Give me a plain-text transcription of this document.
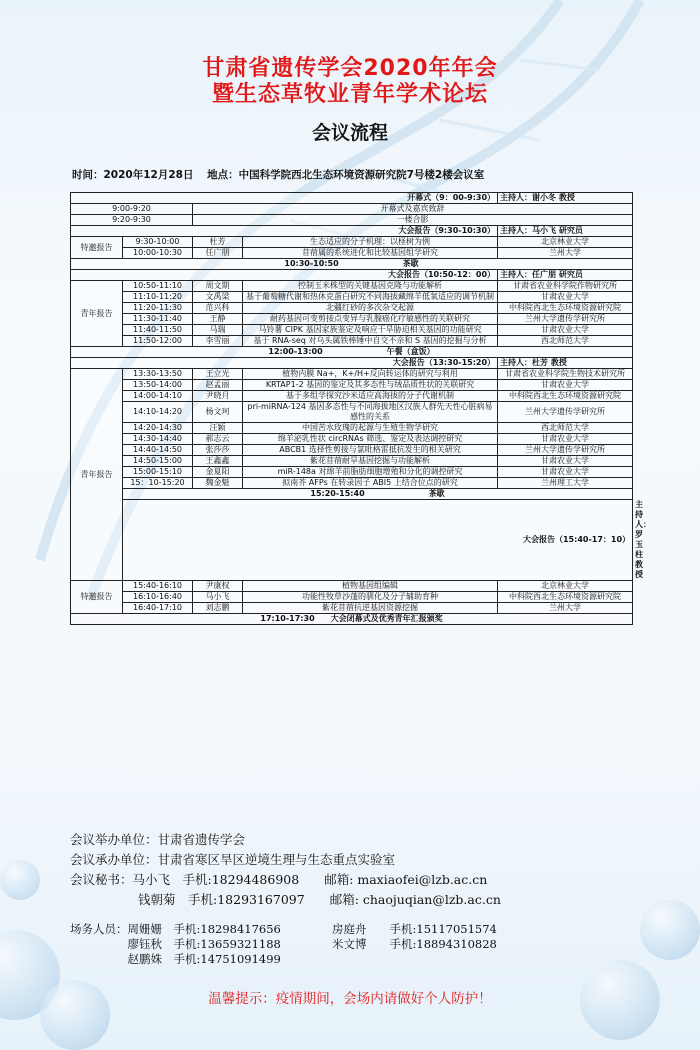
甘肃省遗传学会2020年年会
暨生态草牧业青年学术论坛
会议流程
时间：2020年12月28日 地点：中国科学院西北生态环境资源研究院7号楼2楼会议室
开幕式（9：00-9:30）				主持人：谢小冬 教授	
9:00-9:20		开幕式及嘉宾致辞			
9:20-9:30		一楼合影			
大会报告（9:30-10:30）				主持人：马小飞 研究员	
特邀报告	9:30-10:00	杜芳	生态适应的分子机理：以柽树为例	北京林业大学	
	10:00-10:30	任广朋	苜蓿属的系统进化和比较基因组学研究	兰州大学	
10:30-10:50　　　　　　　　茶歇					
大会报告（10:50-12：00）				主持人：任广朋 研究员	
青年报告	10:50-11:10	周文期	控制玉米株型的关键基因克隆与功能解析	甘肃省农业科学院作物研究所	
	11:10-11:20	文禹梁	基于葡萄糖代谢和热休克蛋白研究不同海拔藏绵羊低氧适应的调节机制	甘肃农业大学	
	11:20-11:30	范兴科	北疆红砂的多次杂交起源	中科院西北生态环境资源研究院	
	11:30-11:40	王静	耐药基因可变剪接点变异与乳腺癌化疗敏感性的关联研究	兰州大学遗传学研究所	
	11:40-11:50	马瑞	马铃薯 CIPK 基因家族鉴定及响应干旱胁迫相关基因的功能研究	甘肃农业大学	
	11:50-12:00	李雪丽	基于 RNA-seq 对乌头属铁棒锤中自交不亲和 S 基因的挖掘与分析	西北师范大学	
12:00-13:00　　　　　　　　午餐（盒饭）					
大会报告（13:30-15:20）				主持人：杜芳 教授	
青年报告	13:30-13:50	王立光	植物内膜 Na+，K+/H+反向转运体的研究与利用	甘肃省农业科学院生物技术研究所	
	13:50-14:00	赵孟丽	KRTAP1-2 基因的鉴定及其多态性与绒品质性状的关联研究	甘肃农业大学	
	14:00-14:10	尹晓月	基于多组学探究沙米适应高海拔的分子代谢机制	中科院西北生态环境资源研究院	
	14:10-14:20	杨文珂	pri-miRNA-124 基因多态性与不同海拔地区汉族人群先天性心脏病易感性的关系	兰州大学遗传学研究所	
	14:20-14:30	汪颖	中国苦水玫瑰的起源与生殖生物学研究	西北师范大学	
	14:30-14:40	郝志云	绵羊泌乳性状 circRNAs 筛选、鉴定及表达调控研究	甘肃农业大学	
	14:40-14:50	张莎莎	ABCB1 选择性剪接与氯吡格雷抵抗发生的相关研究	兰州大学遗传学研究所	
	14:50-15:00	王鑫鑫	紫花苜蓿耐旱基因挖掘与功能解析	甘肃农业大学	
	15:00-15:10	金夏阳	miR-148a 对绵羊前脂肪细胞增殖和分化的调控研究	甘肃农业大学	
	15：10-15:20	魏金魁	拟南芥 AFPs 在转录因子 ABI5 上结合位点的研究	兰州理工大学	
	15:20-15:40　　　　　　　　茶歇				
	大会报告（15:40-17：10）				主持人：罗玉柱 教授
特邀报告	15:40-16:10	尹康权	植物基因组编辑	北京林业大学	
	16:10-16:40	马小飞	功能性牧草沙蓬的驯化及分子辅助育种	中科院西北生态环境资源研究院	
	16:40-17:10	刘志鹏	紫花苜蓿抗逆基因资源挖掘	兰州大学	
17:10-17:30　　大会闭幕式及优秀青年汇报颁奖					
会议举办单位：甘肃省遗传学会
会议承办单位：甘肃省寒区旱区逆境生理与生态重点实验室
会议秘书：马小飞　手机:18294486908　　邮箱: maxiaofei@lzb.ac.cn
钱朝菊　手机:18293167097　　邮箱: chaojuqian@lzb.ac.cn
场务人员：周姗姗　手机:18298417656	房庭舟　　手机:15117051574
　　　　　廖钰秋　手机:13659321188	米文博　　手机:18894310828
　　　　　赵鹏姝　手机:14751091499
温馨提示：疫情期间，会场内请做好个人防护！
